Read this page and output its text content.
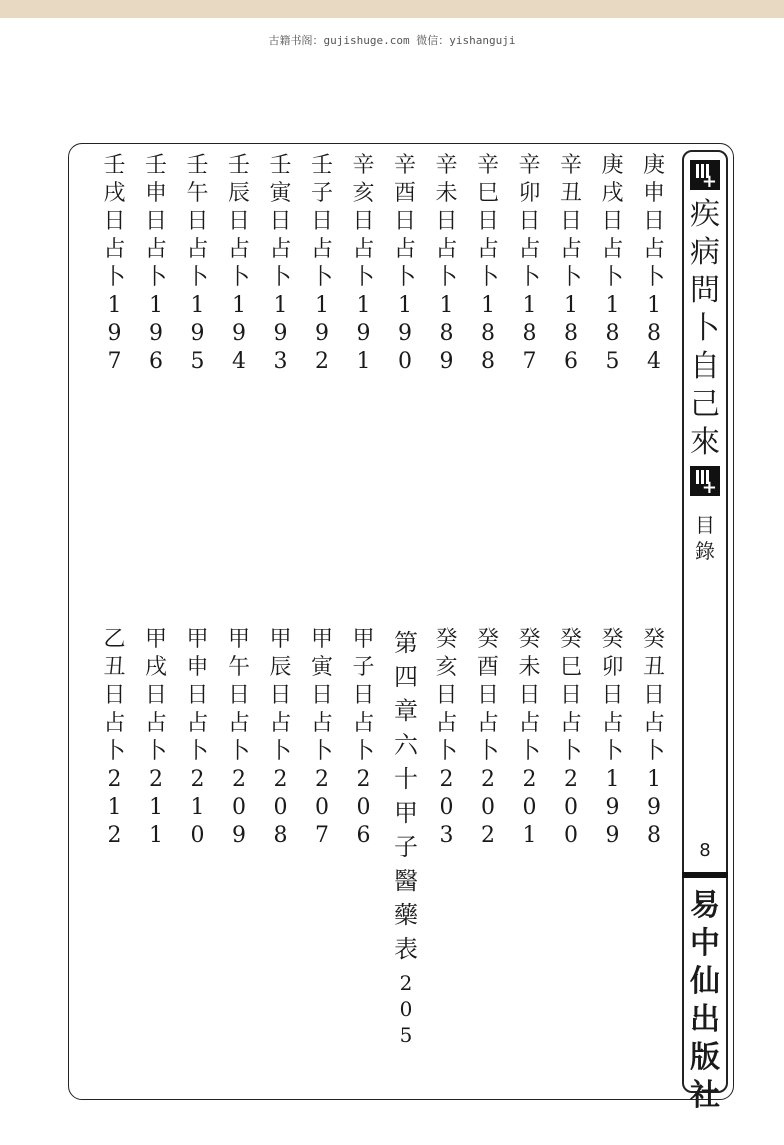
古籍书阁：gujishuge.com 微信：yishanguji
庚
申
日
占
卜
1
8
4
庚
戌
日
占
卜
1
8
5
辛
丑
日
占
卜
1
8
6
辛
卯
日
占
卜
1
8
7
辛
巳
日
占
卜
1
8
8
辛
未
日
占
卜
1
8
9
辛
酉
日
占
卜
1
9
0
辛
亥
日
占
卜
1
9
1
壬
子
日
占
卜
1
9
2
壬
寅
日
占
卜
1
9
3
壬
辰
日
占
卜
1
9
4
壬
午
日
占
卜
1
9
5
壬
申
日
占
卜
1
9
6
壬
戌
日
占
卜
1
9
7
癸
丑
日
占
卜
1
9
8
癸
卯
日
占
卜
1
9
9
癸
巳
日
占
卜
2
0
0
癸
未
日
占
卜
2
0
1
癸
酉
日
占
卜
2
0
2
癸
亥
日
占
卜
2
0
3
第
四
章
六
十
甲
子
醫
藥
表
2
0
5
甲
子
日
占
卜
2
0
6
甲
寅
日
占
卜
2
0
7
甲
辰
日
占
卜
2
0
8
甲
午
日
占
卜
2
0
9
甲
申
日
占
卜
2
1
0
甲
戌
日
占
卜
2
1
1
乙
丑
日
占
卜
2
1
2
+
疾
病
問
卜
自
己
來
+
目
錄
8
易
中
仙
出
版
社
